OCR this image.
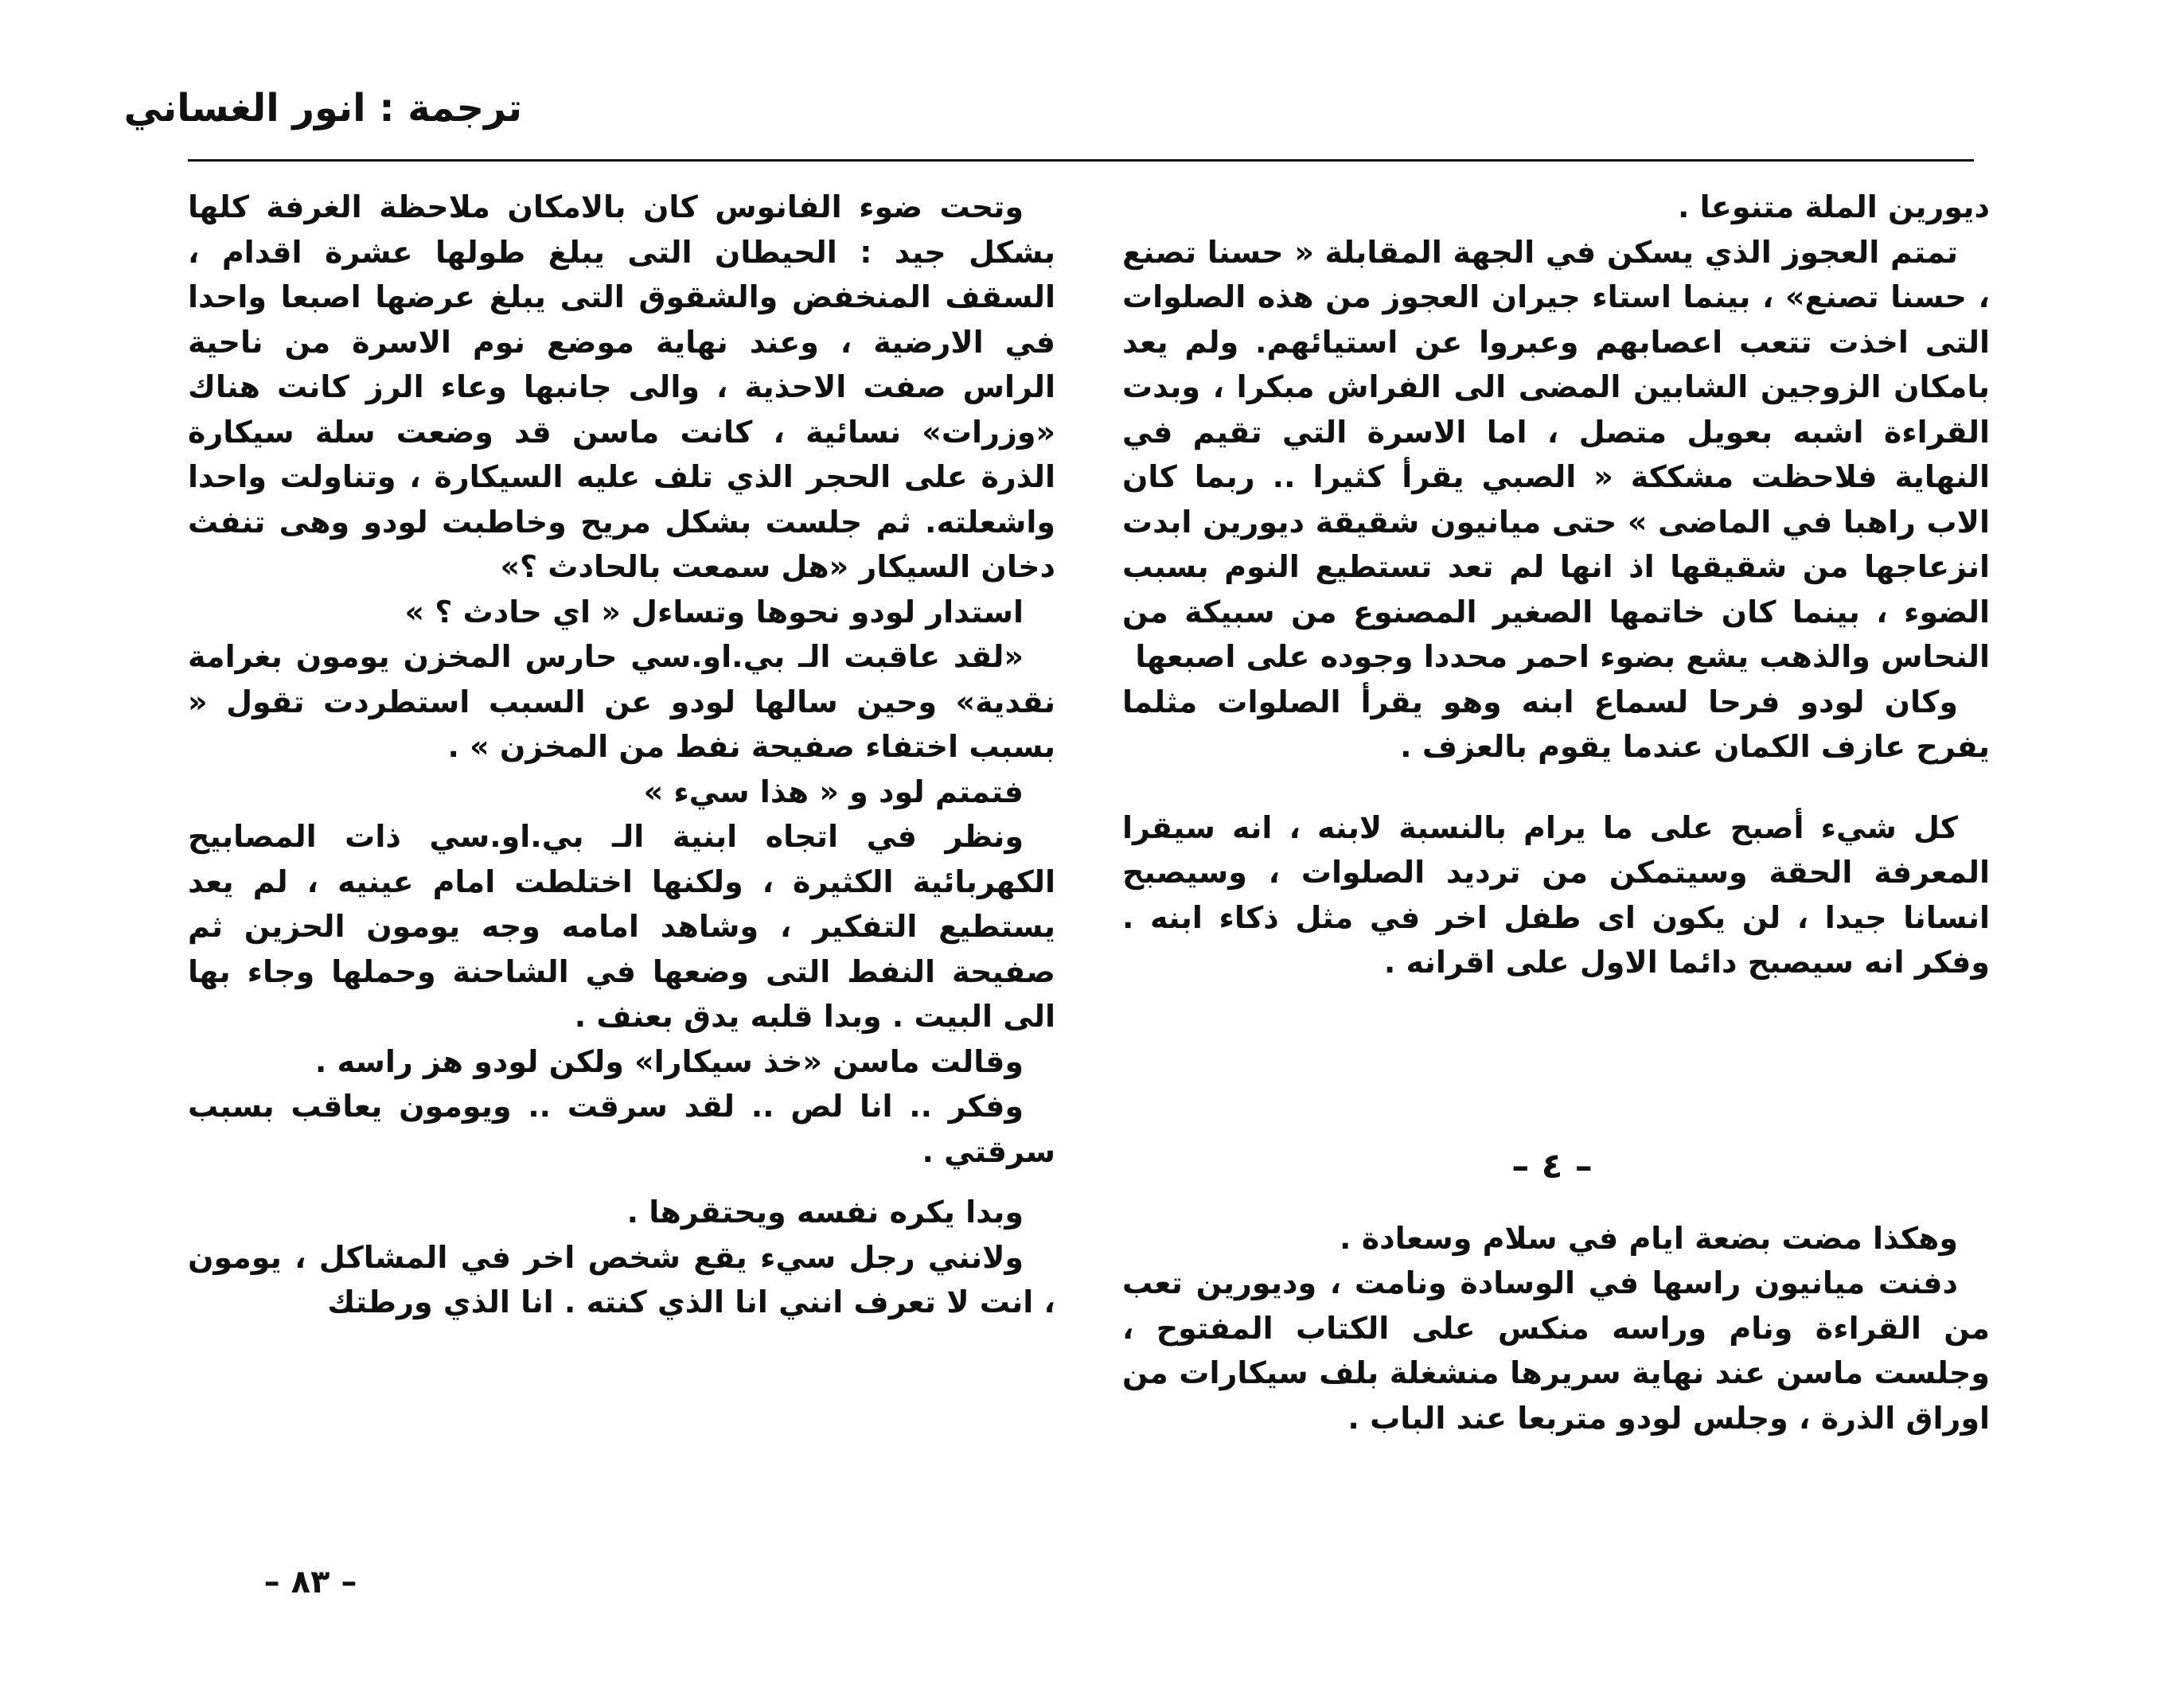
ترجمة : انور الغساني

ديورين الملة متنوعا .

تمتم العجوز الذي يسكن في الجهة المقابلة « حسنا تصنع ، حسنا تصنع» ، بينما استاء جيران العجوز من هذه الصلوات التى اخذت تتعب اعصابهم وعبروا عن استيائهم. ولم يعد بامكان الزوجين الشابين المضى الى الفراش مبكرا ، وبدت القراءة اشبه بعويل متصل ، اما الاسرة التي تقيم في النهاية فلاحظت مشككة « الصبي يقرأ كثيرا .. ربما كان الاب راهبا في الماضى » حتى ميانيون شقيقة ديورين ابدت انزعاجها من شقيقها اذ انها لم تعد تستطيع النوم بسبب الضوء ، بينما كان خاتمها الصغير المصنوع من سبيكة من النحاس والذهب يشع بضوء احمر محددا وجوده على اصبعها

وكان لودو فرحا لسماع ابنه وهو يقرأ الصلوات مثلما يفرح عازف الكمان عندما يقوم بالعزف .

كل شيء أصبح على ما يرام بالنسبة لابنه ، انه سيقرا المعرفة الحقة وسيتمكن من ترديد الصلوات ، وسيصبح انسانا جيدا ، لن يكون اى طفل اخر في مثل ذكاء ابنه . وفكر انه سيصبح دائما الاول على اقرانه .

وهكذا مضت بضعة ايام في سلام وسعادة .

دفنت ميانيون راسها في الوسادة ونامت ، وديورين تعب من القراءة ونام وراسه منكس على الكتاب المفتوح ، وجلست ماسن عند نهاية سريرها منشغلة بلف سيكارات من اوراق الذرة ، وجلس لودو متربعا عند الباب .

– ٤ –

وتحت ضوء الفانوس كان بالامكان ملاحظة الغرفة كلها بشكل جيد : الحيطان التى يبلغ طولها عشرة اقدام ، السقف المنخفض والشقوق التى يبلغ عرضها اصبعا واحدا في الارضية ، وعند نهاية موضع نوم الاسرة من ناحية الراس صفت الاحذية ، والى جانبها وعاء الرز كانت هناك «وزرات» نسائية ، كانت ماسن قد وضعت سلة سيكارة الذرة على الحجر الذي تلف عليه السيكارة ، وتناولت واحدا واشعلته. ثم جلست بشكل مريح وخاطبت لودو وهى تنفث دخان السيكار «هل سمعت بالحادث ؟»

استدار لودو نحوها وتساءل « اي حادث ؟ »

«لقد عاقبت الـ بي.او.سي حارس المخزن يومون بغرامة نقدية» وحين سالها لودو عن السبب استطردت تقول « بسبب اختفاء صفيحة نفط من المخزن » .

فتمتم لود و « هذا سيء »

ونظر في اتجاه ابنية الـ بي.او.سي ذات المصابيح الكهربائية الكثيرة ، ولكنها اختلطت امام عينيه ، لم يعد يستطيع التفكير ، وشاهد امامه وجه يومون الحزين ثم صفيحة النفط التى وضعها في الشاحنة وحملها وجاء بها الى البيت . وبدا قلبه يدق بعنف .

وقالت ماسن «خذ سيكارا» ولكن لودو هز راسه .

وفكر .. انا لص .. لقد سرقت .. ويومون يعاقب بسبب سرقتي .

وبدا يكره نفسه ويحتقرها .

ولانني رجل سيء يقع شخص اخر في المشاكل ، يومون ، انت لا تعرف انني انا الذي كنته . انا الذي ورطتك

– ٨٣ –
